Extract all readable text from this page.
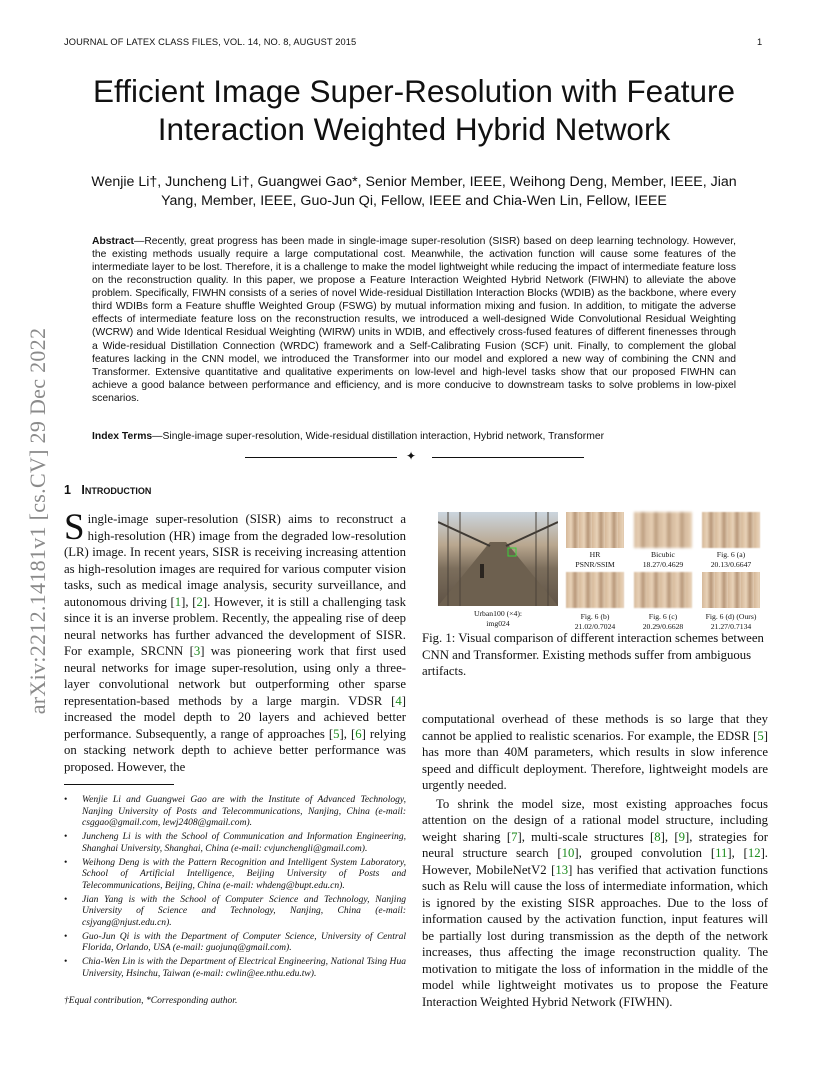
JOURNAL OF LATEX CLASS FILES, VOL. 14, NO. 8, AUGUST 2015	1
Efficient Image Super-Resolution with Feature
Interaction Weighted Hybrid Network

Wenjie Li†, Juncheng Li†, Guangwei Gao*, Senior Member, IEEE, Weihong Deng, Member, IEEE, Jian
Yang, Member, IEEE, Guo-Jun Qi, Fellow, IEEE and Chia-Wen Lin, Fellow, IEEE

Abstract—Recently, great progress has been made in single-image super-resolution (SISR) based on deep learning technology. However, the existing methods usually require a large computational cost. Meanwhile, the activation function will cause some features of the intermediate layer to be lost. Therefore, it is a challenge to make the model lightweight while reducing the impact of intermediate feature loss on the reconstruction quality. In this paper, we propose a Feature Interaction Weighted Hybrid Network (FIWHN) to alleviate the above problem. Specifically, FIWHN consists of a series of novel Wide-residual Distillation Interaction Blocks (WDIB) as the backbone, where every third WDIBs form a Feature shuffle Weighted Group (FSWG) by mutual information mixing and fusion. In addition, to mitigate the adverse effects of intermediate feature loss on the reconstruction results, we introduced a well-designed Wide Convolutional Residual Weighting (WCRW) and Wide Identical Residual Weighting (WIRW) units in WDIB, and effectively cross-fused features of different finenesses through a Wide-residual Distillation Connection (WRDC) framework and a Self-Calibrating Fusion (SCF) unit. Finally, to complement the global features lacking in the CNN model, we introduced the Transformer into our model and explored a new way of combining the CNN and Transformer. Extensive quantitative and qualitative experiments on low-level and high-level tasks show that our proposed FIWHN can achieve a good balance between performance and efficiency, and is more conducive to downstream tasks to solve problems in low-pixel scenarios.

Index Terms—Single-image super-resolution, Wide-residual distillation interaction, Hybrid network, Transformer

✦
arXiv:2212.14181v1 [cs.CV] 29 Dec 2022 1 Introduction

Single-image super-resolution (SISR) aims to reconstruct a high-resolution (HR) image from the degraded low-resolution (LR) image. In recent years, SISR is receiving increasing attention as high-resolution images are required for various computer vision tasks, such as medical image analysis, security surveillance, and autonomous driving [1], [2]. However, it is still a challenging task since it is an inverse problem. Recently, the appealing rise of deep neural networks has further advanced the development of SISR. For example, SRCNN [3] was pioneering work that first used neural networks for image super-resolution, using only a three-layer convolutional network but outperforming other sparse representation-based methods by a large margin. VDSR [4] increased the model depth to 20 layers and achieved better performance. Subsequently, a range of approaches [5], [6] relying on stacking network depth to achieve better performance was proposed. However, the

• Wenjie Li and Guangwei Gao are with the Institute of Advanced Technology, Nanjing University of Posts and Telecommunications, Nanjing, China (e-mail: csggao@gmail.com, lewj2408@gmail.com).
• Juncheng Li is with the School of Communication and Information Engineering, Shanghai University, Shanghai, China (e-mail: cvjunchengli@gmail.com).
• Weihong Deng is with the Pattern Recognition and Intelligent System Laboratory, School of Artificial Intelligence, Beijing University of Posts and Telecommunications, Beijing, China (e-mail: whdeng@bupt.edu.cn).
• Jian Yang is with the School of Computer Science and Technology, Nanjing University of Science and Technology, Nanjing, China (e-mail: csjyang@njust.edu.cn).
• Guo-Jun Qi is with the Department of Computer Science, University of Central Florida, Orlando, USA (e-mail: guojunq@gmail.com).
• Chia-Wen Lin is with the Department of Electrical Engineering, National Tsing Hua University, Hsinchu, Taiwan (e-mail: cwlin@ee.nthu.edu.tw).

†Equal contribution, *Corresponding author.

Urban100 (×4):
img024
HR
PSNR/SSIM
Bicubic
18.27/0.4629
Fig. 6 (a)
20.13/0.6647
Fig. 6 (b)
21.02/0.7024
Fig. 6 (c)
20.29/0.6628
Fig. 6 (d) (Ours)
21.27/0.7134

Fig. 1: Visual comparison of different interaction schemes between CNN and Transformer. Existing methods suffer from ambiguous artifacts.

computational overhead of these methods is so large that they cannot be applied to realistic scenarios. For example, the EDSR [5] has more than 40M parameters, which results in slow inference speed and difficult deployment. Therefore, lightweight models are urgently needed.
To shrink the model size, most existing approaches focus attention on the design of a rational model structure, including weight sharing [7], multi-scale structures [8], [9], strategies for neural structure search [10], grouped convolution [11], [12]. However, MobileNetV2 [13] has verified that activation functions such as Relu will cause the loss of intermediate information, which is ignored by the existing SISR approaches. Due to the loss of information caused by the activation function, input features will be partially lost during transmission as the depth of the network increases, thus affecting the image reconstruction quality. The motivation to mitigate the loss of information in the middle of the model while lightweight motivates us to propose the Feature Interaction Weighted Hybrid Network (FIWHN).
